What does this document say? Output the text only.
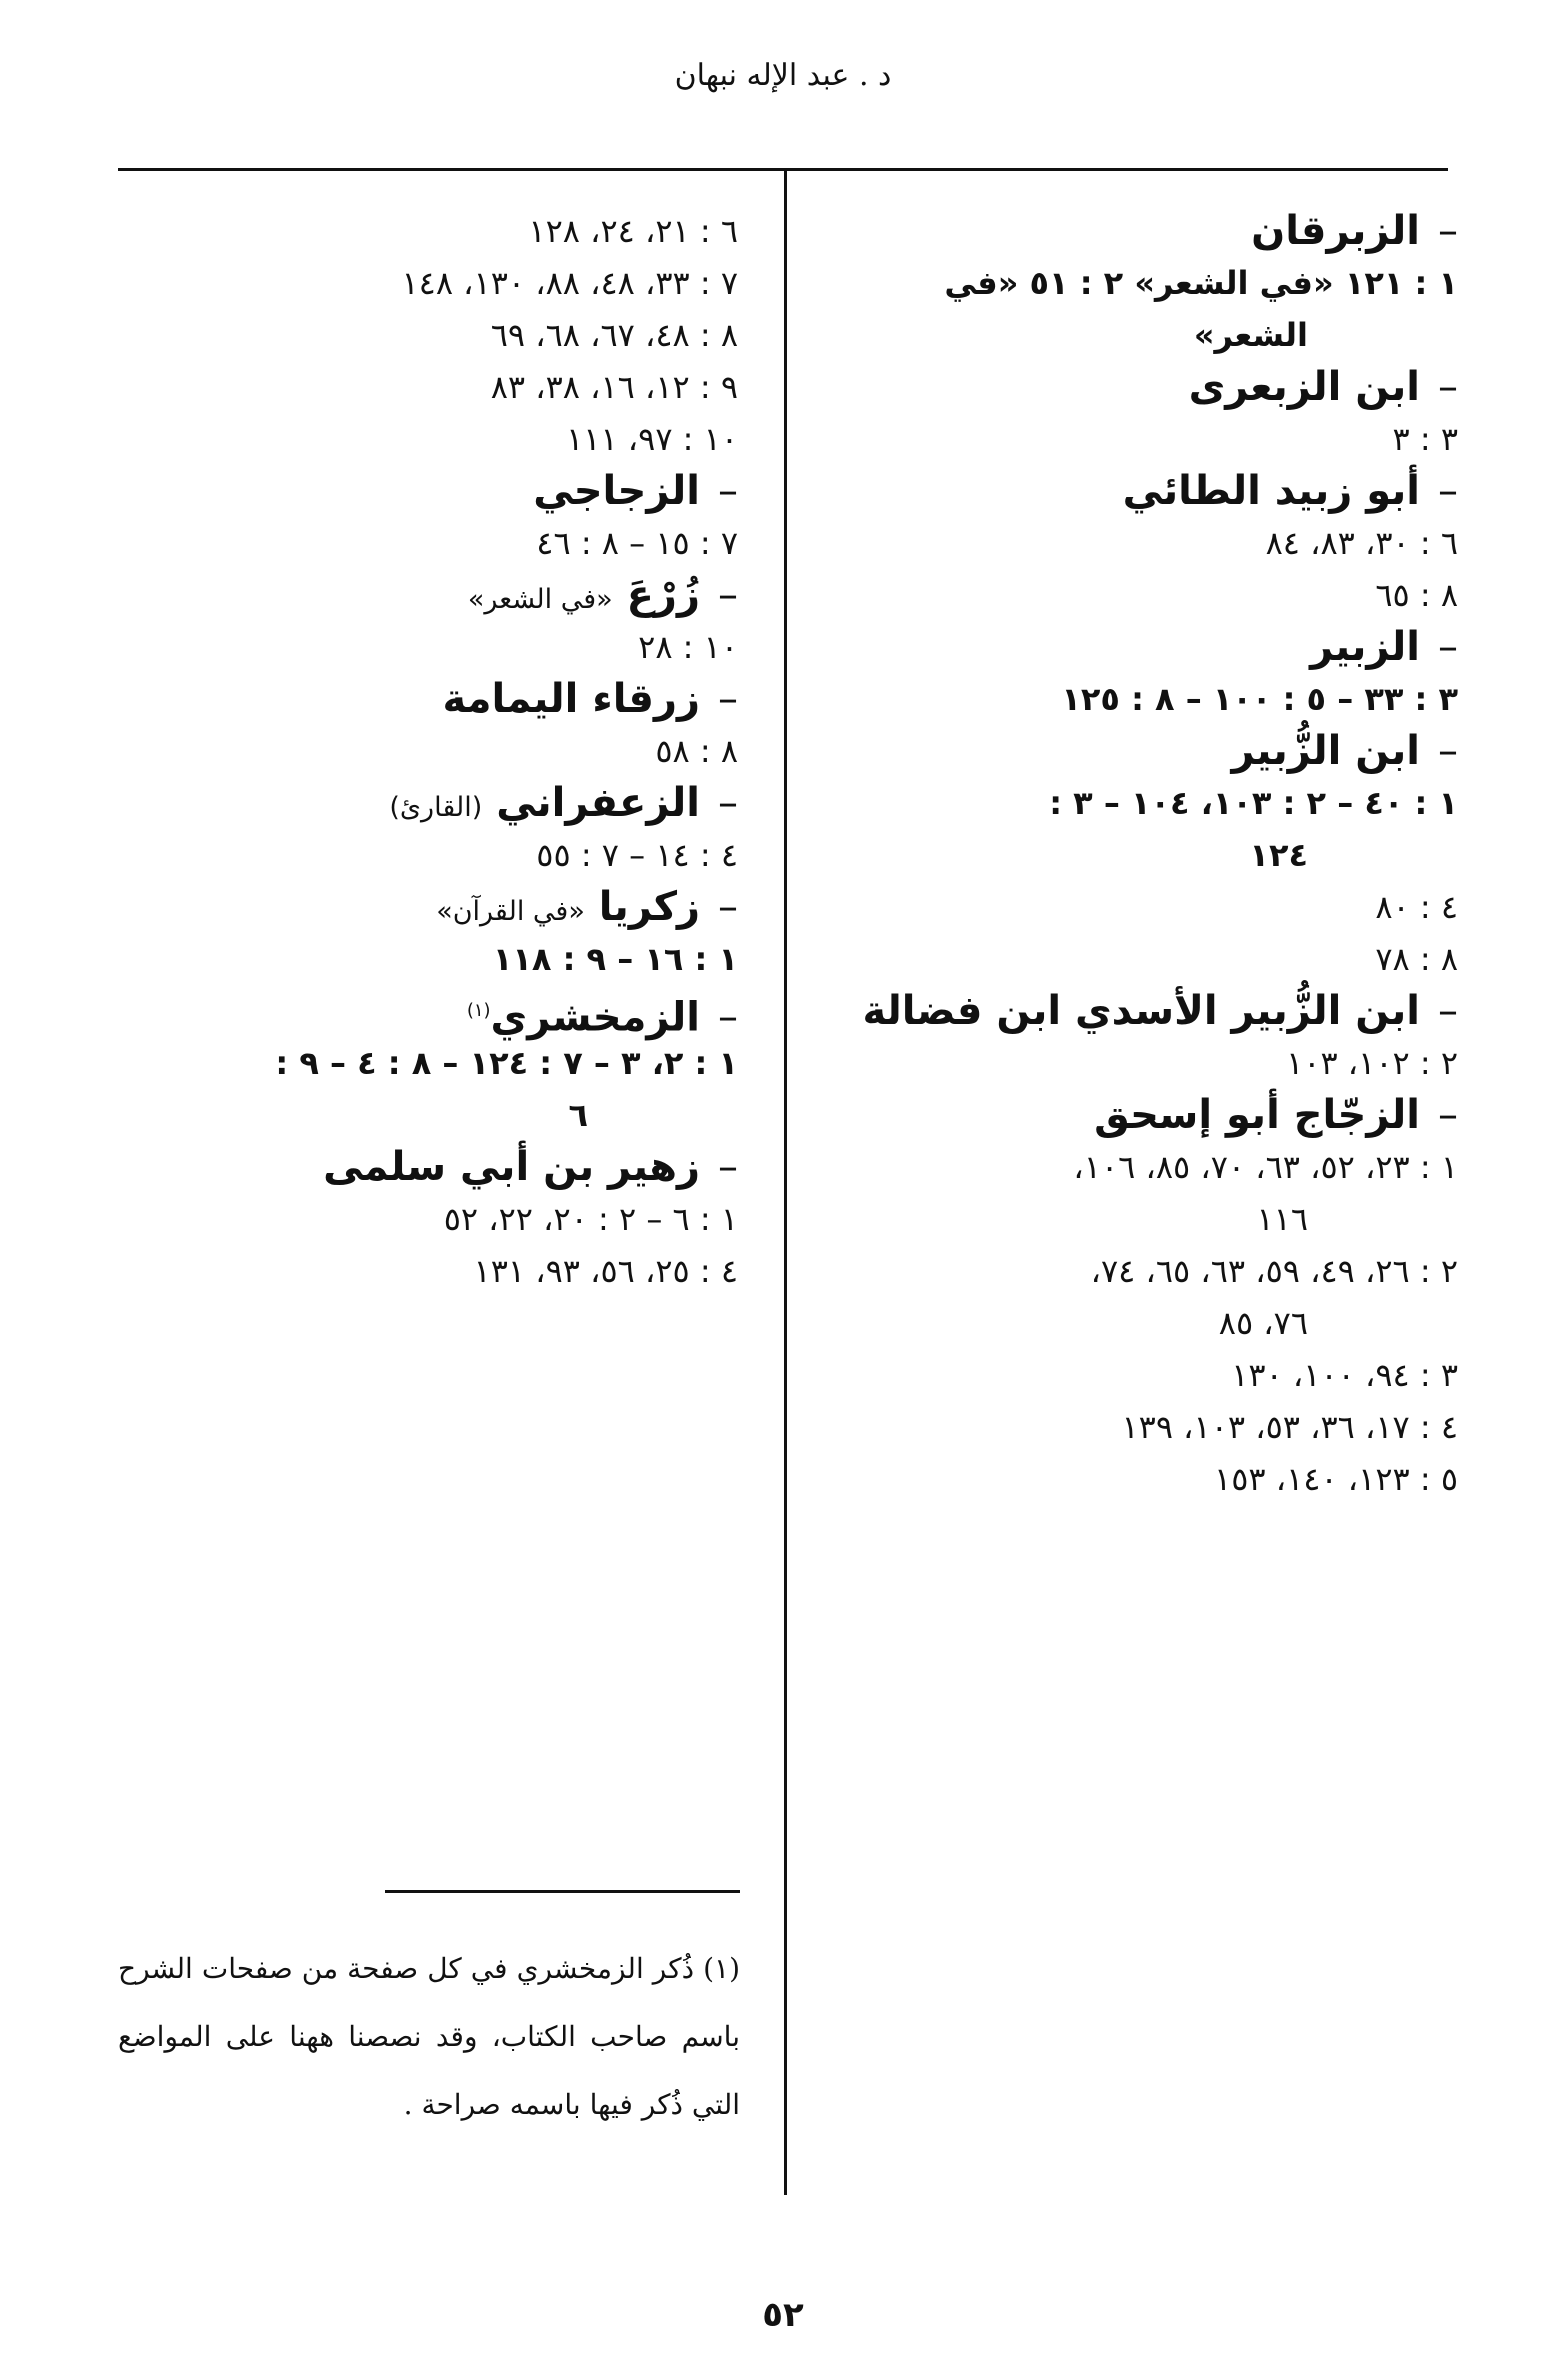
د . عبد الإله نبهان

–الزبرقان

١ : ١٢١ «في الشعر» ٢ : ٥١ «في
الشعر»

–ابن الزبعرى

٣ : ٣

–أبو زبيد الطائي

٦ : ٣٠، ٨٣، ٨٤

٨ : ٦٥

–الزبير

٣ : ٣٣ – ٥ : ١٠٠ – ٨ : ١٢٥

–ابن الزُّبير

١ : ٤٠ – ٢ : ١٠٣، ١٠٤ – ٣ :
١٢٤

٤ : ٨٠

٨ : ٧٨

–ابن الزُّبير الأسدي ابن فضالة

٢ : ١٠٢، ١٠٣

–الزجّاج أبو إسحق

١ : ٢٣، ٥٢، ٦٣، ٧٠، ٨٥، ١٠٦،
١١٦

٢ : ٢٦، ٤٩، ٥٩، ٦٣، ٦٥، ٧٤،
٧٦، ٨٥

٣ : ٩٤، ١٠٠، ١٣٠

٤ : ١٧، ٣٦، ٥٣، ١٠٣، ١٣٩

٥ : ١٢٣، ١٤٠، ١٥٣

٦ : ٢١، ٢٤، ١٢٨

٧ : ٣٣، ٤٨، ٨٨، ١٣٠، ١٤٨

٨ : ٤٨، ٦٧، ٦٨، ٦٩

٩ : ١٢، ١٦، ٣٨، ٨٣

١٠ : ٩٧، ١١١

–الزجاجي

٧ : ١٥ – ٨ : ٤٦

–زُرْعَ «في الشعر»

١٠ : ٢٨

–زرقاء اليمامة

٨ : ٥٨

–الزعفراني (القارئ)

٤ : ١٤ – ٧ : ٥٥

–زكريا «في القرآن»

١ : ١٦ – ٩ : ١١٨

–الزمخشري$^{(١)}$

١ : ٢، ٣ – ٧ : ١٢٤ – ٨ : ٤ – ٩ :
٦

–زهير بن أبي سلمى

١ : ٦ – ٢ : ٢٠، ٢٢، ٥٢

٤ : ٢٥، ٥٦، ٩٣، ١٣١

(١) ذُكر الزمخشري في كل صفحة من صفحات الشرح باسم صاحب الكتاب، وقد نصصنا ههنا على المواضع التي ذُكر فيها باسمه صراحة .
٥٢
